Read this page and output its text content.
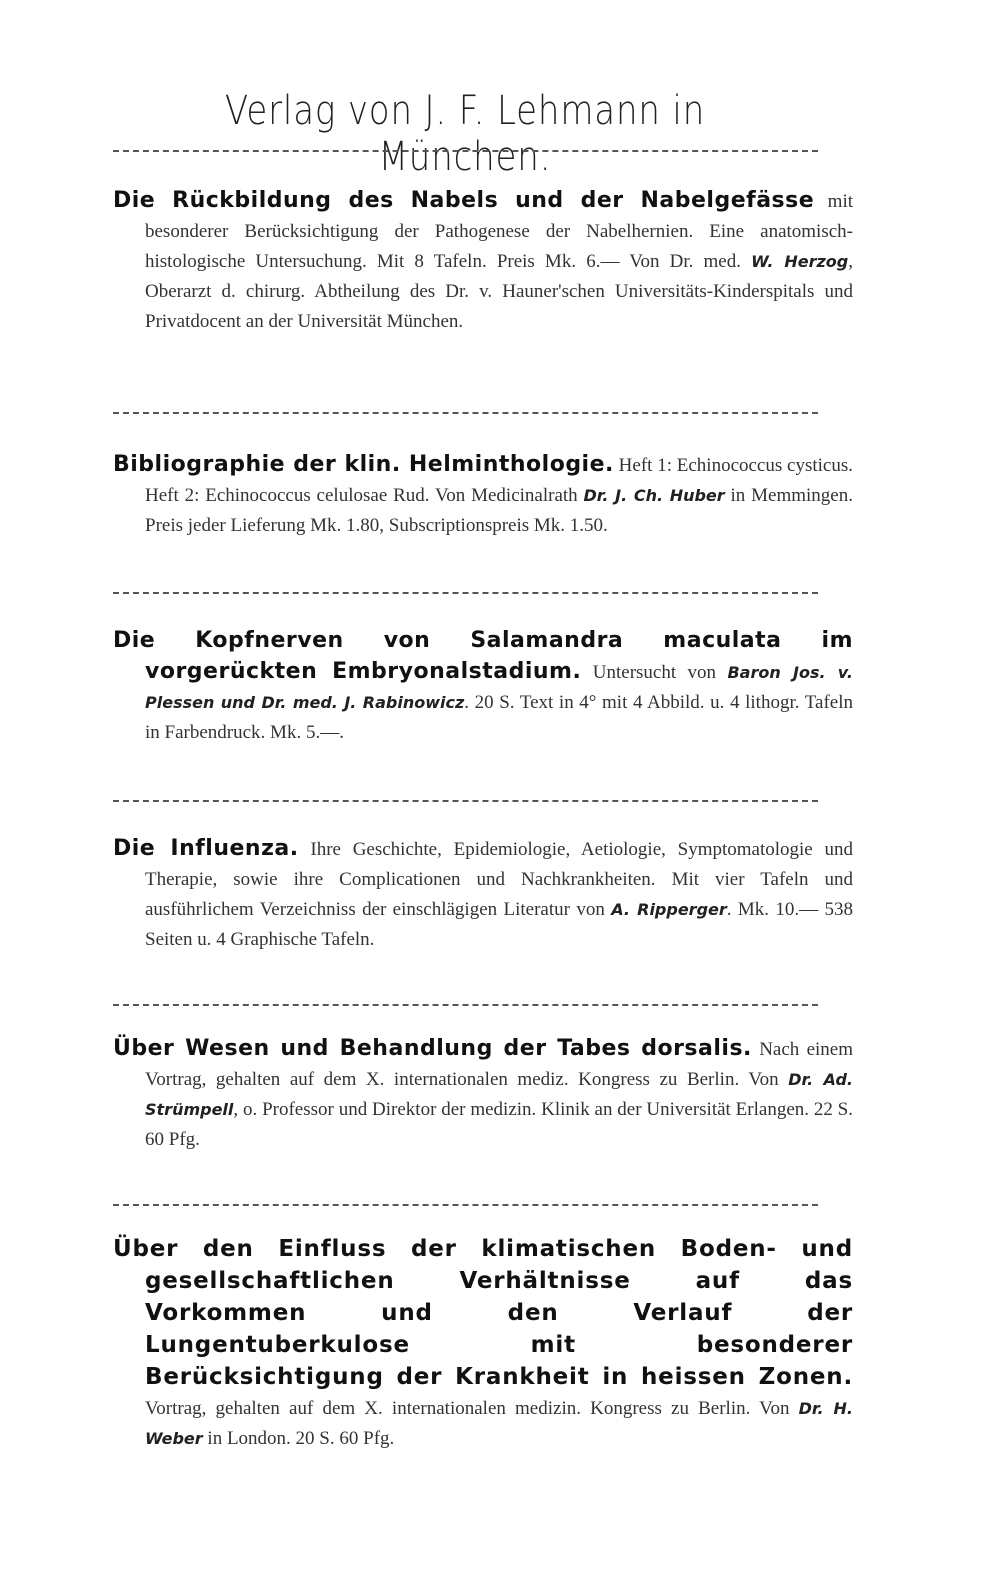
Verlag von J. F. Lehmann in München.
Die Rückbildung des Nabels und der Nabelgefässe mit besonderer Berücksichtigung der Pathogenese der Nabelhernien. Eine anatomisch-histologische Untersuchung. Mit 8 Tafeln. Preis Mk. 6.— Von Dr. med. W. Herzog, Oberarzt d. chirurg. Abtheilung des Dr. v. Hauner'schen Universitäts-Kinderspitals und Privatdocent an der Universität München.
Bibliographie der klin. Helminthologie. Heft 1: Echinococcus cysticus. Heft 2: Echinococcus celulosae Rud. Von Medicinalrath Dr. J. Ch. Huber in Memmingen. Preis jeder Lieferung Mk. 1.80, Subscriptionspreis Mk. 1.50.
Die Kopfnerven von Salamandra maculata im vorgerückten Embryonalstadium. Untersucht von Baron Jos. v. Plessen und Dr. med. J. Rabinowicz. 20 S. Text in 4° mit 4 Abbild. u. 4 lithogr. Tafeln in Farbendruck. Mk. 5.—.
Die Influenza. Ihre Geschichte, Epidemiologie, Aetiologie, Symptomatologie und Therapie, sowie ihre Complicationen und Nachkrankheiten. Mit vier Tafeln und ausführlichem Verzeichniss der einschlägigen Literatur von A. Ripperger. Mk. 10.— 538 Seiten u. 4 Graphische Tafeln.
Über Wesen und Behandlung der Tabes dorsalis. Nach einem Vortrag, gehalten auf dem X. internationalen mediz. Kongress zu Berlin. Von Dr. Ad. Strümpell, o. Professor und Direktor der medizin. Klinik an der Universität Erlangen. 22 S. 60 Pfg.
Über den Einfluss der klimatischen Boden- und gesellschaftlichen Verhältnisse auf das Vorkommen und den Verlauf der Lungentuberkulose mit besonderer Berücksichtigung der Krankheit in heissen Zonen. Vortrag, gehalten auf dem X. internationalen medizin. Kongress zu Berlin. Von Dr. H. Weber in London. 20 S. 60 Pfg.
